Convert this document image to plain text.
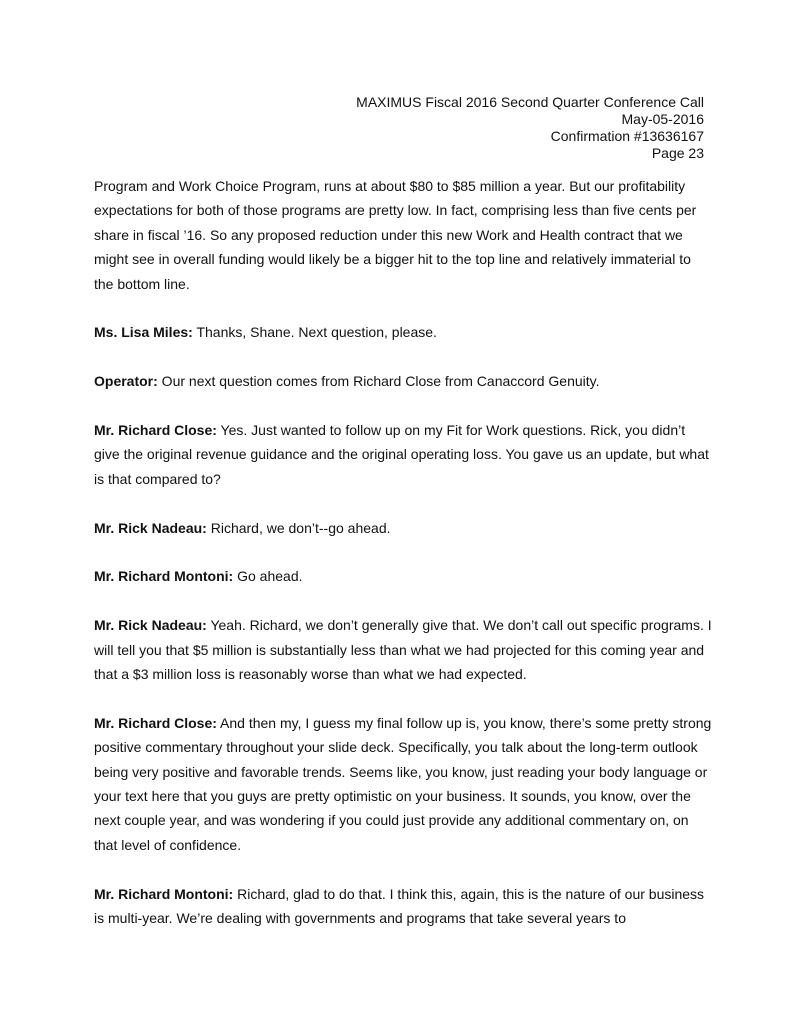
MAXIMUS Fiscal 2016 Second Quarter Conference Call
May-05-2016
Confirmation #13636167
Page 23

Program and Work Choice Program, runs at about $80 to $85 million a year. But our profitability expectations for both of those programs are pretty low. In fact, comprising less than five cents per share in fiscal ’16. So any proposed reduction under this new Work and Health contract that we might see in overall funding would likely be a bigger hit to the top line and relatively immaterial to the bottom line.

Ms. Lisa Miles: Thanks, Shane. Next question, please.

Operator: Our next question comes from Richard Close from Canaccord Genuity.

Mr. Richard Close: Yes. Just wanted to follow up on my Fit for Work questions. Rick, you didn’t give the original revenue guidance and the original operating loss. You gave us an update, but what is that compared to?

Mr. Rick Nadeau: Richard, we don’t--go ahead.

Mr. Richard Montoni: Go ahead.

Mr. Rick Nadeau: Yeah. Richard, we don’t generally give that. We don’t call out specific programs. I will tell you that $5 million is substantially less than what we had projected for this coming year and that a $3 million loss is reasonably worse than what we had expected.

Mr. Richard Close: And then my, I guess my final follow up is, you know, there’s some pretty strong positive commentary throughout your slide deck. Specifically, you talk about the long-term outlook being very positive and favorable trends. Seems like, you know, just reading your body language or your text here that you guys are pretty optimistic on your business. It sounds, you know, over the next couple year, and was wondering if you could just provide any additional commentary on, on that level of confidence.

Mr. Richard Montoni: Richard, glad to do that. I think this, again, this is the nature of our business is multi-year. We’re dealing with governments and programs that take several years to
